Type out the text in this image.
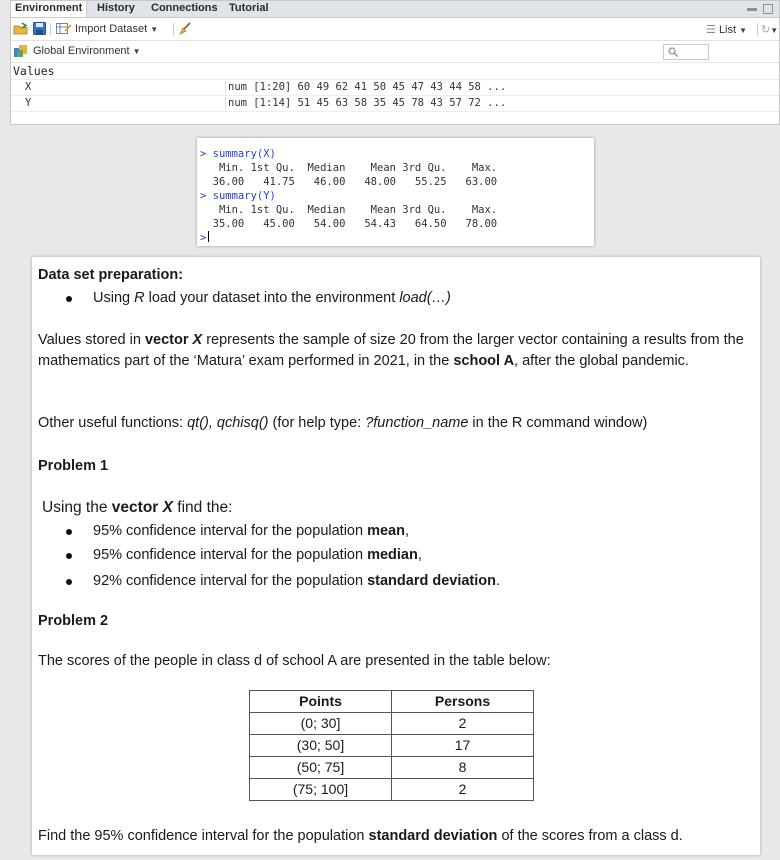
Environment	History	Connections	Tutorial

Import Dataset ▼	☰ List ▼ ↻▼
Global Environment ▼
Values
X	num [1:20] 60 49 62 41 50 45 47 43 44 58 ...
Y	num [1:14] 51 45 63 58 35 45 78 43 57 72 ...
> summary(X)
Min. 1st Qu.  Median    Mean 3rd Qu.    Max.
36.00   41.75   46.00   48.00   55.25   63.00
> summary(Y)
Min. 1st Qu.  Median    Mean 3rd Qu.    Max.
35.00   45.00   54.00   54.43   64.50   78.00
>
Data set preparation:
Using R load your dataset into the environment load(…)
Values stored in vector X represents the sample of size 20 from the larger vector containing a results from the mathematics part of the ‘Matura’ exam performed in 2021, in the school A, after the global pandemic.
Other useful functions: qt(), qchisq() (for help type: ?function_name in the R command window)
Problem 1
Using the vector X find the:
95% confidence interval for the population mean,
95% confidence interval for the population median,
92% confidence interval for the population standard deviation.
Problem 2
The scores of the people in class d of school A are presented in the table below:
Points	Persons
(0; 30]	2
(30; 50]	17
(50; 75]	8
(75; 100]	2
Find the 95% confidence interval for the population standard deviation of the scores from a class d.
